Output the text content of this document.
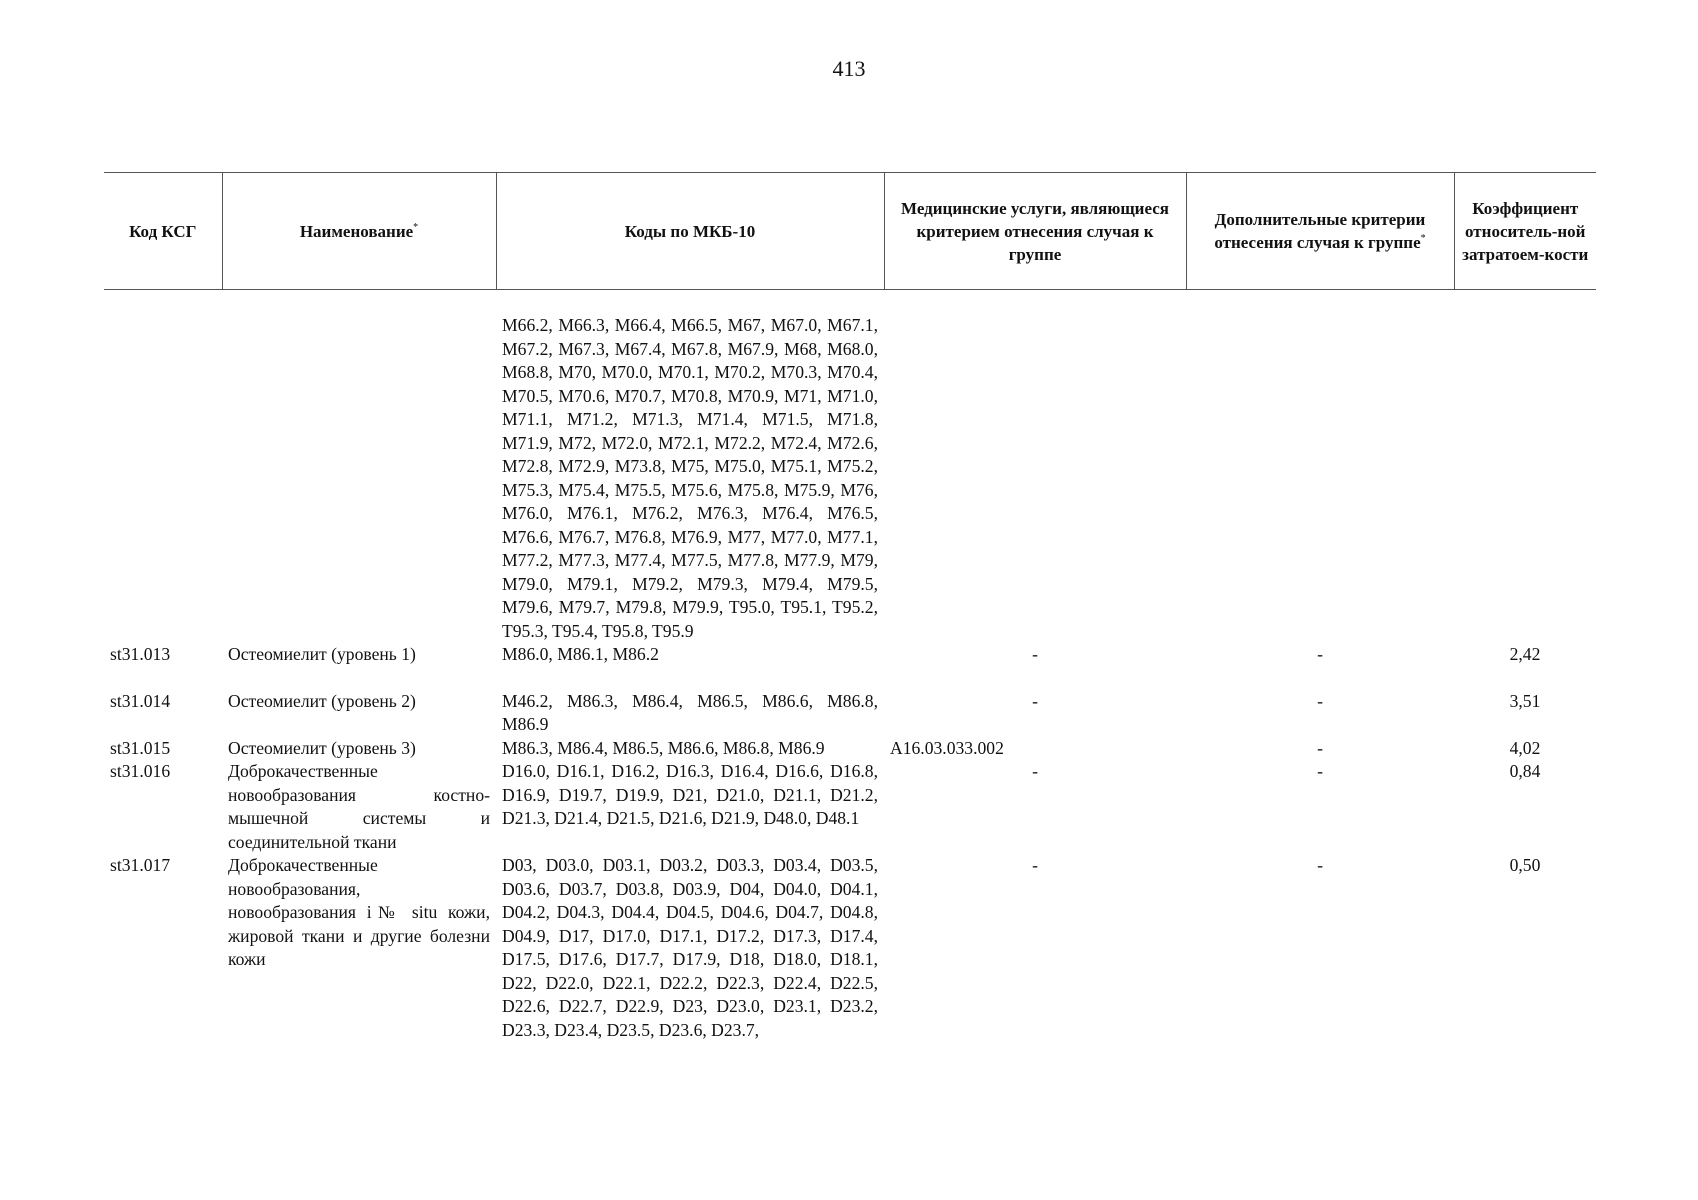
413
Код КСГ	Наименование*	Коды по МКБ-10	Медицинские услуги, являющиеся критерием отнесения случая к группе	Дополнительные критерии отнесения случая к группе*	Коэффициент относитель-ной затратоем-кости
		M66.2, M66.3, M66.4, M66.5, M67, M67.0, M67.1, M67.2, M67.3, M67.4, M67.8, M67.9, M68, M68.0, M68.8, M70, M70.0, M70.1, M70.2, M70.3, M70.4, M70.5, M70.6, M70.7, M70.8, M70.9, M71, M71.0, M71.1, M71.2, M71.3, M71.4, M71.5, M71.8, M71.9, M72, M72.0, M72.1, M72.2, M72.4, M72.6, M72.8, M72.9, M73.8, M75, M75.0, M75.1, M75.2, M75.3, M75.4, M75.5, M75.6, M75.8, M75.9, M76, M76.0, M76.1, M76.2, M76.3, M76.4, M76.5, M76.6, M76.7, M76.8, M76.9, M77, M77.0, M77.1, M77.2, M77.3, M77.4, M77.5, M77.8, M77.9, M79, M79.0, M79.1, M79.2, M79.3, M79.4, M79.5, M79.6, M79.7, M79.8, M79.9, T95.0, T95.1, T95.2, T95.3, T95.4, T95.8, T95.9			
st31.013	Остеомиелит (уровень 1)	M86.0, M86.1, M86.2	-	-	2,42
st31.014	Остеомиелит (уровень 2)	M46.2, M86.3, M86.4, M86.5, M86.6, M86.8, M86.9	-	-	3,51
st31.015	Остеомиелит (уровень 3)	M86.3, M86.4, M86.5, M86.6, M86.8, M86.9	A16.03.033.002	-	4,02
st31.016	Доброкачественные новообразования костно-мышечной системы и соединительной ткани	D16.0, D16.1, D16.2, D16.3, D16.4, D16.6, D16.8, D16.9, D19.7, D19.9, D21, D21.0, D21.1, D21.2, D21.3, D21.4, D21.5, D21.6, D21.9, D48.0, D48.1	-	-	0,84
st31.017	Доброкачественные новообразования, новообразования i№ situ кожи, жировой ткани и другие болезни кожи	D03, D03.0, D03.1, D03.2, D03.3, D03.4, D03.5, D03.6, D03.7, D03.8, D03.9, D04, D04.0, D04.1, D04.2, D04.3, D04.4, D04.5, D04.6, D04.7, D04.8, D04.9, D17, D17.0, D17.1, D17.2, D17.3, D17.4, D17.5, D17.6, D17.7, D17.9, D18, D18.0, D18.1, D22, D22.0, D22.1, D22.2, D22.3, D22.4, D22.5, D22.6, D22.7, D22.9, D23, D23.0, D23.1, D23.2, D23.3, D23.4, D23.5, D23.6, D23.7,	-	-	0,50
